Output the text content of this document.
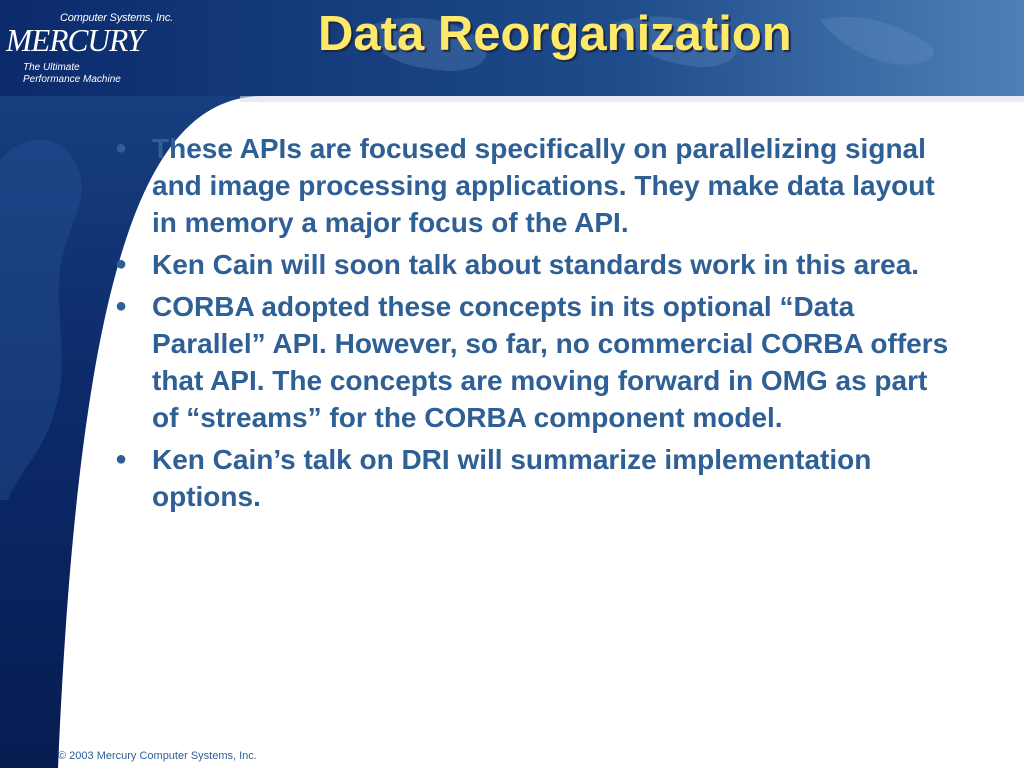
Computer Systems, Inc.
MERCURY
The Ultimate
Performance Machine
Data Reorganization
● These APIs are focused specifically on parallelizing signal and image processing applications. They make data layout in memory a major focus of the API.
● Ken Cain will soon talk about standards work in this area.
● CORBA adopted these concepts in its optional “Data Parallel” API. However, so far, no commercial CORBA offers that API. The concepts are moving forward in OMG as part of “streams” for the CORBA component model.
● Ken Cain’s talk on DRI will summarize implementation options.
© 2003 Mercury Computer Systems, Inc.
